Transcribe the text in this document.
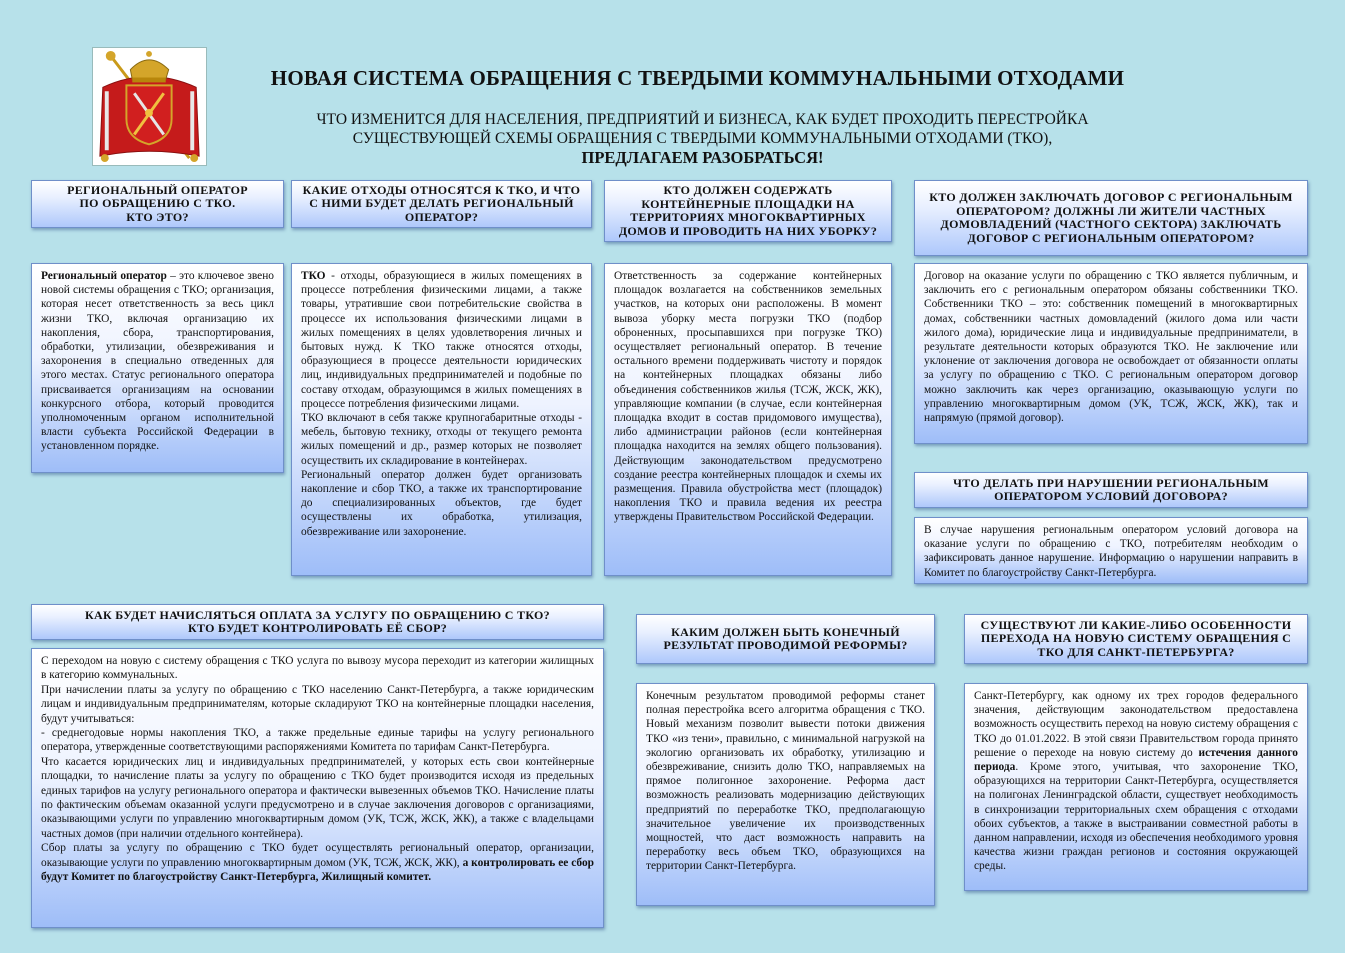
НОВАЯ СИСТЕМА ОБРАЩЕНИЯ С ТВЕРДЫМИ КОММУНАЛЬНЫМИ ОТХОДАМИ
ЧТО ИЗМЕНИТСЯ ДЛЯ НАСЕЛЕНИЯ, ПРЕДПРИЯТИЙ И БИЗНЕСА, КАК БУДЕТ ПРОХОДИТЬ ПЕРЕСТРОЙКА
СУЩЕСТВУЮЩЕЙ СХЕМЫ ОБРАЩЕНИЯ С ТВЕРДЫМИ КОММУНАЛЬНЫМИ ОТХОДАМИ (ТКО),
ПРЕДЛАГАЕМ РАЗОБРАТЬСЯ!
РЕГИОНАЛЬНЫЙ ОПЕРАТОР
ПО ОБРАЩЕНИЮ С ТКО.
КТО ЭТО?
КАКИЕ ОТХОДЫ ОТНОСЯТСЯ К ТКО, И ЧТО С НИМИ БУДЕТ ДЕЛАТЬ РЕГИОНАЛЬНЫЙ ОПЕРАТОР?
КТО ДОЛЖЕН СОДЕРЖАТЬ КОНТЕЙНЕРНЫЕ ПЛОЩАДКИ НА ТЕРРИТОРИЯХ МНОГОКВАРТИРНЫХ ДОМОВ И ПРОВОДИТЬ НА НИХ УБОРКУ?
КТО ДОЛЖЕН ЗАКЛЮЧАТЬ ДОГОВОР С РЕГИОНАЛЬНЫМ ОПЕРАТОРОМ? ДОЛЖНЫ ЛИ ЖИТЕЛИ ЧАСТНЫХ ДОМОВЛАДЕНИЙ (ЧАСТНОГО СЕКТОРА) ЗАКЛЮЧАТЬ ДОГОВОР С РЕГИОНАЛЬНЫМ ОПЕРАТОРОМ?

Региональный оператор – это ключевое звено новой системы обращения с ТКО; организация, которая несет ответственность за весь цикл жизни ТКО, включая организацию их накопления, сбора, транспортирования, обработки, утилизации, обезвреживания и захоронения в специально отведенных для этого местах. Статус регионального оператора присваивается организациям на основании конкурсного отбора, который проводится уполномоченным органом исполнительной власти субъекта Российской Федерации в установленном порядке.

ТКО - отходы, образующиеся в жилых помещениях в процессе потребления физическими лицами, а также товары, утратившие свои потребительские свойства в процессе их использования физическими лицами в жилых помещениях в целях удовлетворения личных и бытовых нужд. К ТКО также относятся отходы, образующиеся в процессе деятельности юридических лиц, индивидуальных предпринимателей и подобные по составу отходам, образующимся в жилых помещениях в процессе потребления физическими лицами.

ТКО включают в себя также крупногабаритные отходы - мебель, бытовую технику, отходы от текущего ремонта жилых помещений и др., размер которых не позволяет осуществить их складирование в контейнерах.

Региональный оператор должен будет организовать накопление и сбор ТКО, а также их транспортирование до специализированных объектов, где будет осуществлены их обработка, утилизация, обезвреживание или захоронение.

Ответственность за содержание контейнерных площадок возлагается на собственников земельных участков, на которых они расположены. В момент вывоза уборку места погрузки ТКО (подбор оброненных, просыпавшихся при погрузке ТКО) осуществляет региональный оператор. В течение остального времени поддерживать чистоту и порядок на контейнерных площадках обязаны либо объединения собственников жилья (ТСЖ, ЖСК, ЖК), управляющие компании (в случае, если контейнерная площадка входит в состав придомового имущества), либо администрации районов (если контейнерная площадка находится на землях общего пользования). Действующим законодательством предусмотрено создание реестра контейнерных площадок и схемы их размещения. Правила обустройства мест (площадок) накопления ТКО и правила ведения их реестра утверждены Правительством Российской Федерации.

Договор на оказание услуги по обращению с ТКО является публичным, и заключить его с региональным оператором обязаны собственники ТКО. Собственники ТКО – это: собственник помещений в многоквартирных домах, собственники частных домовладений (жилого дома или части жилого дома), юридические лица и индивидуальные предприниматели, в результате деятельности которых образуются ТКО. Не заключение или уклонение от заключения договора не освобождает от обязанности оплаты за услугу по обращению с ТКО. С региональным оператором договор можно заключить как через организацию, оказывающую услуги по управлению многоквартирным домом (УК, ТСЖ, ЖСК, ЖК), так и напрямую (прямой договор).

ЧТО ДЕЛАТЬ ПРИ НАРУШЕНИИ РЕГИОНАЛЬНЫМ ОПЕРАТОРОМ УСЛОВИЙ ДОГОВОРА?

В случае нарушения региональным оператором условий договора на оказание услуги по обращению с ТКО, потребителям необходим о зафиксировать данное нарушение. Информацию о нарушении направить в Комитет по благоустройству Санкт-Петербурга.

КАК БУДЕТ НАЧИСЛЯТЬСЯ ОПЛАТА ЗА УСЛУГУ ПО ОБРАЩЕНИЮ С ТКО?
КТО БУДЕТ КОНТРОЛИРОВАТЬ ЕЁ СБОР?

С переходом на новую с систему обращения с ТКО услуга по вывозу мусора переходит из категории жилищных в категорию коммунальных.

При начислении платы за услугу по обращению с ТКО населению Санкт-Петербурга, а также юридическим лицам и индивидуальным предпринимателям, которые складируют ТКО на контейнерные площадки населения, будут учитываться:

- среднегодовые нормы накопления ТКО, а также предельные единые тарифы на услугу регионального оператора, утвержденные соответствующими распоряжениями Комитета по тарифам Санкт-Петербурга.

Что касается юридических лиц и индивидуальных предпринимателей, у которых есть свои контейнерные площадки, то начисление платы за услугу по обращению с ТКО будет производится исходя из предельных единых тарифов на услугу регионального оператора и фактически вывезенных объемов ТКО. Начисление платы по фактическим объемам оказанной услуги предусмотрено и в случае заключения договоров с организациями, оказывающими услуги по управлению многоквартирным домом (УК, ТСЖ, ЖСК, ЖК), а также с владельцами частных домов (при наличии отдельного контейнера).

Сбор платы за услугу по обращению с ТКО будет осуществлять региональный оператор, организации, оказывающие услуги по управлению многоквартирным домом (УК, ТСЖ, ЖСК, ЖК), а контролировать ее сбор будут Комитет по благоустройству Санкт-Петербурга, Жилищный комитет.

КАКИМ ДОЛЖЕН БЫТЬ КОНЕЧНЫЙ РЕЗУЛЬТАТ ПРОВОДИМОЙ РЕФОРМЫ?

Конечным результатом проводимой реформы станет полная перестройка всего алгоритма обращения с ТКО. Новый механизм позволит вывести потоки движения ТКО «из тени», правильно, с минимальной нагрузкой на экологию организовать их обработку, утилизацию и обезвреживание, снизить долю ТКО, направляемых на прямое полигонное захоронение. Реформа даст возможность реализовать модернизацию действующих предприятий по переработке ТКО, предполагающую значительное увеличение их производственных мощностей, что даст возможность направить на переработку весь объем ТКО, образующихся на территории Санкт-Петербурга.

СУЩЕСТВУЮТ ЛИ КАКИЕ-ЛИБО ОСОБЕННОСТИ ПЕРЕХОДА НА НОВУЮ СИСТЕМУ ОБРАЩЕНИЯ С ТКО ДЛЯ САНКТ-ПЕТЕРБУРГА?

Санкт-Петербургу, как одному их трех городов федерального значения, действующим законодательством предоставлена возможность осуществить переход на новую систему обращения с ТКО до 01.01.2022. В этой связи Правительством города принято решение о переходе на новую систему до истечения данного периода. Кроме этого, учитывая, что захоронение ТКО, образующихся на территории Санкт-Петербурга, осуществляется на полигонах Ленинградской области, существует необходимость в синхронизации территориальных схем обращения с отходами обоих субъектов, а также в выстраивании совместной работы в данном направлении, исходя из обеспечения необходимого уровня качества жизни граждан регионов и состояния окружающей среды.
